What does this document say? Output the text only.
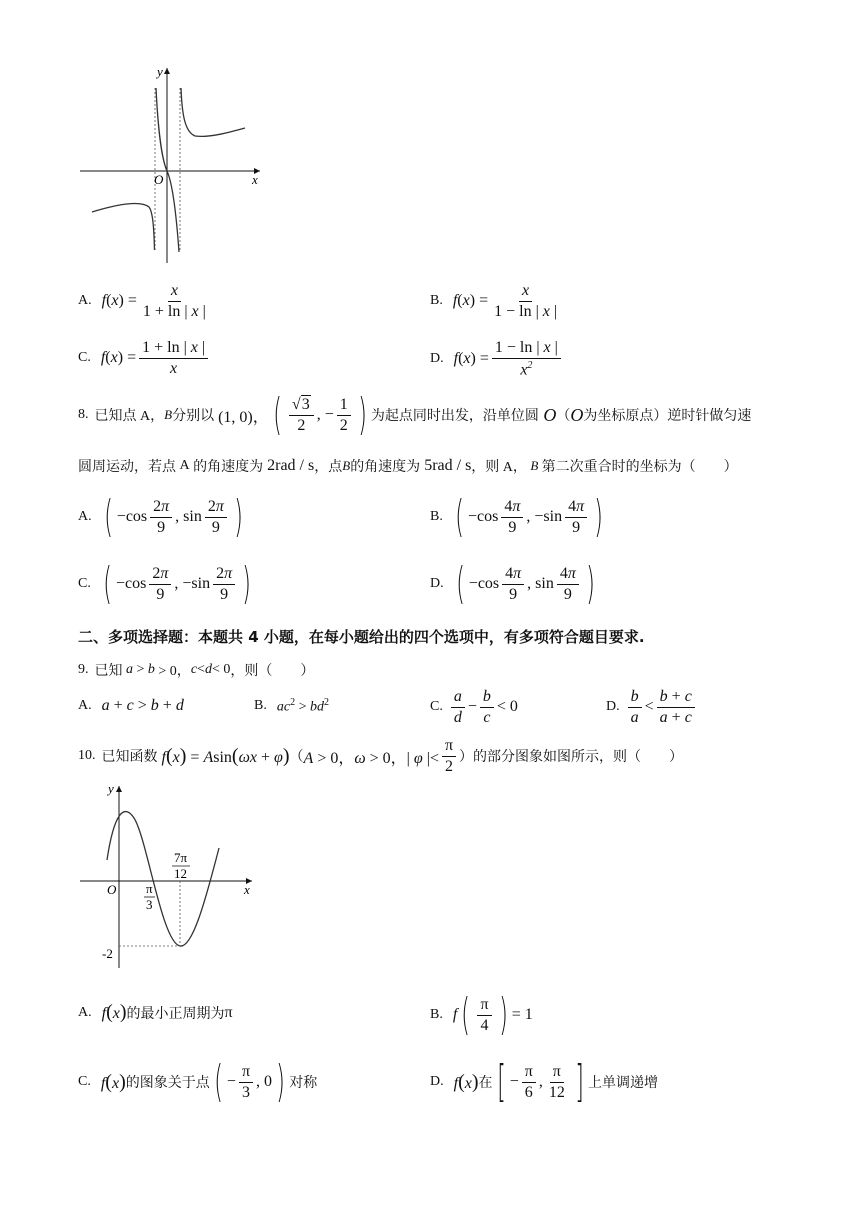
O	x
y
A. f ( x ) = $\frac{x}{1 + \ln | x |}$	B. f ( x ) = $\frac{x}{1 - \ln | x |}$
C. f ( x ) = $\frac{1 + \ln | x |}{x}$	D. f ( x ) = $\frac{1 - \ln | x |}{x^2}$
8. 已知点 A， B 分别以 (1, 0)， ( $\frac{√3}{2}$ , − $\frac{1}{2}$ ) 为起点同时出发，沿单位圆 O （ O 为坐标原点）逆时针做匀速
圆周运动，若点 A 的角速度为 2rad / s ，点 B 的角速度为 5rad / s ，则 A， B 第二次重合时的坐标为（　　）
A. ( $-\cos \frac{2\pi}{9}$ , $\sin \frac{2\pi}{9}$ )	B. ( $-\cos \frac{4\pi}{9}$ , $-\sin \frac{4\pi}{9}$ )
C. ( $-\cos \frac{2\pi}{9}$ , $-\sin \frac{2\pi}{9}$ )	D. ( $-\cos \frac{4\pi}{9}$ , $\sin \frac{4\pi}{9}$ )
二、多项选择题：本题共 4 小题，在每小题给出的四个选项中，有多项符合题目要求.
9. 已知 a > b > 0， c < d < 0 ，则（　　）
A. a + c > b + d	B. $ac^2 > bd^2$	C. $\frac{a}{d} - \frac{b}{c} < 0$	D. $\frac{b}{a} < \frac{b + c}{a + c}$
10. 已知函数 f(x) = Asin(ωx + φ) （ A > 0，ω > 0，| φ |< $\frac{\pi}{2}$ ） 的部分图象如图所示，则（　　）
O	x
y
π
3
7π
12
-2
A. f(x) 的最小正周期为 π	B. f ( $\frac{\pi}{4}$ ) = 1
C. f(x) 的图象关于点 ( − $\frac{\pi}{3}$ , 0 ) 对称	D. f(x) 在 [ − $\frac{\pi}{6}$ , $\frac{\pi}{12}$ ] 上单调递增
